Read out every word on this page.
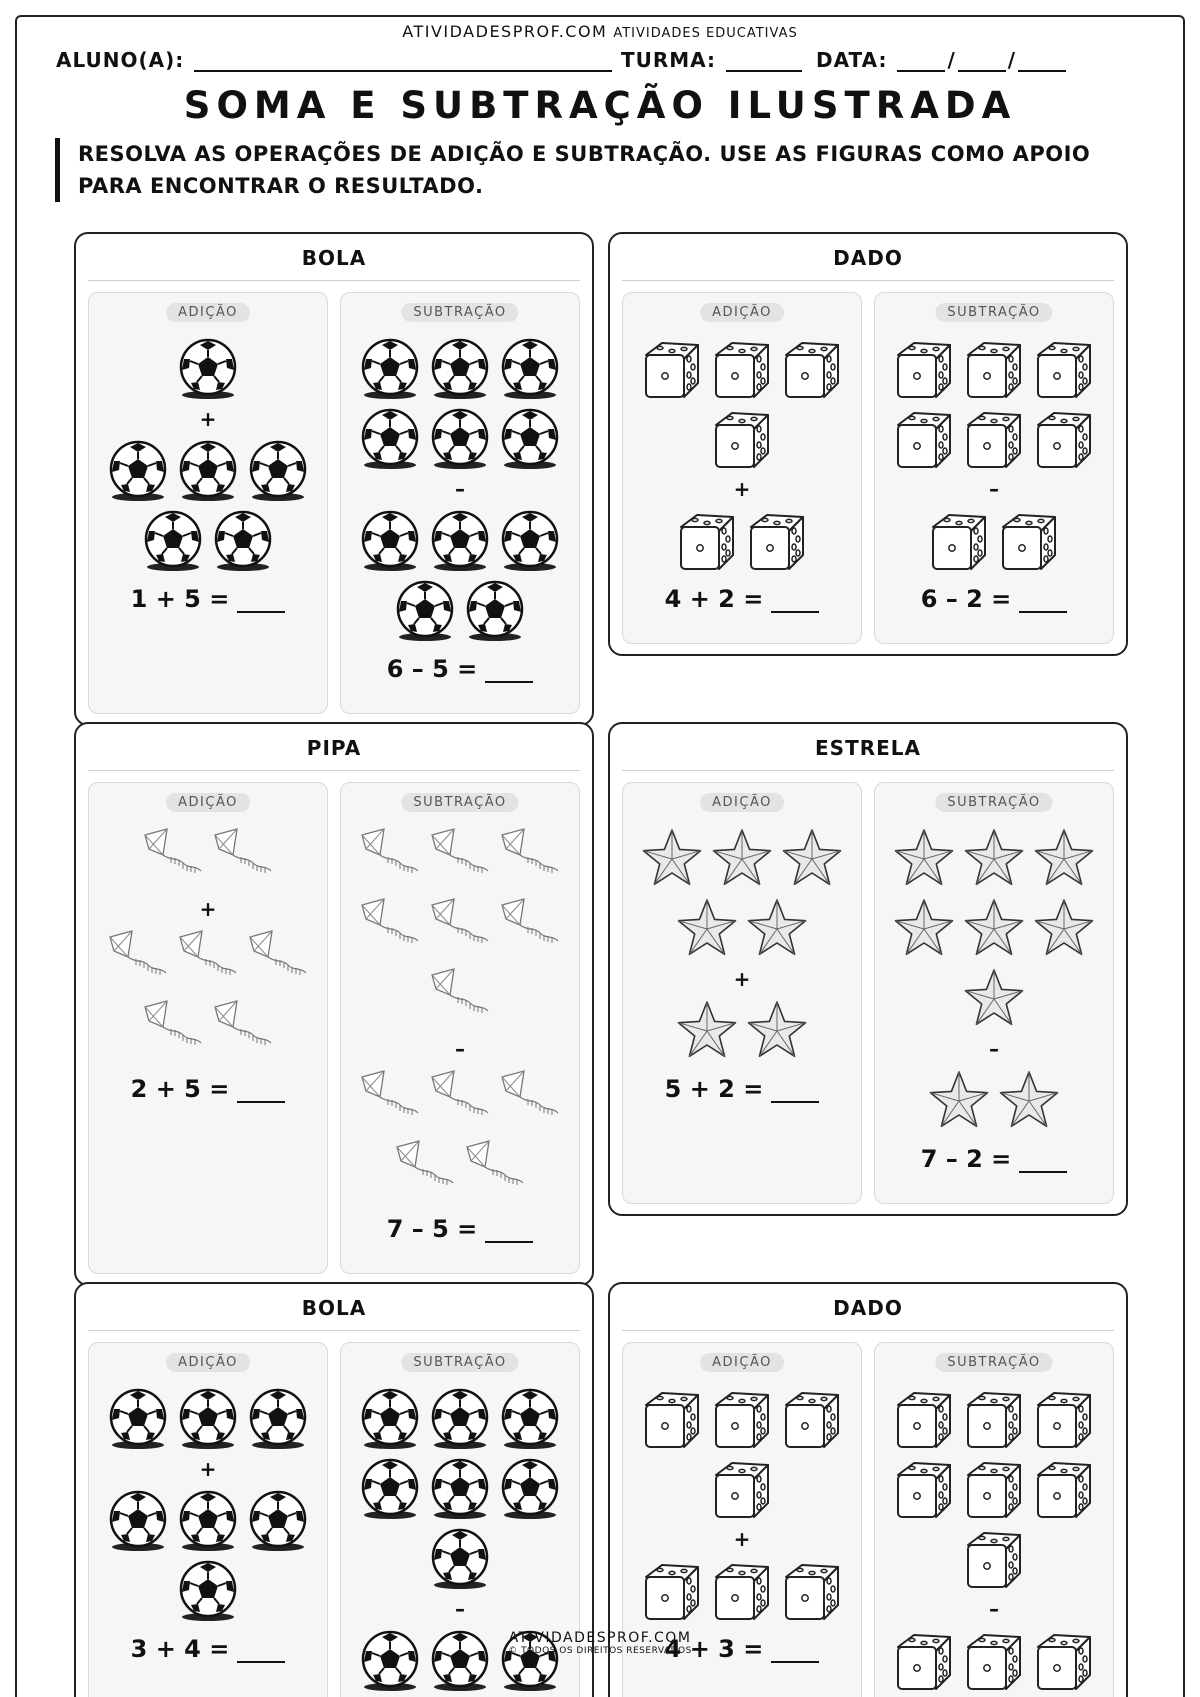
ATIVIDADESPROF.COM ATIVIDADES EDUCATIVAS
ALUNO(A):	TURMA:	DATA:	/	/
SOMA E SUBTRAÇÃO ILUSTRADA
RESOLVA AS OPERAÇÕES DE ADIÇÃO E SUBTRAÇÃO. USE AS FIGURAS COMO APOIO PARA ENCONTRAR O RESULTADO.
BOLA
ADIÇÃO
+
1 + 5 =
SUBTRAÇÃO
–
6 – 5 =
DADO
ADIÇÃO
+
4 + 2 =
SUBTRAÇÃO
–
6 – 2 =
PIPA
ADIÇÃO
+
2 + 5 =
SUBTRAÇÃO
–
7 – 5 =
ESTRELA
ADIÇÃO
+
5 + 2 =
SUBTRAÇÃO
–
7 – 2 =
BOLA
ADIÇÃO
+
3 + 4 =
SUBTRAÇÃO
–
DADO
ADIÇÃO
+
4 + 3 =
SUBTRAÇÃO
–
ATIVIDADESPROF.COM
© TODOS OS DIREITOS RESERVADOS
